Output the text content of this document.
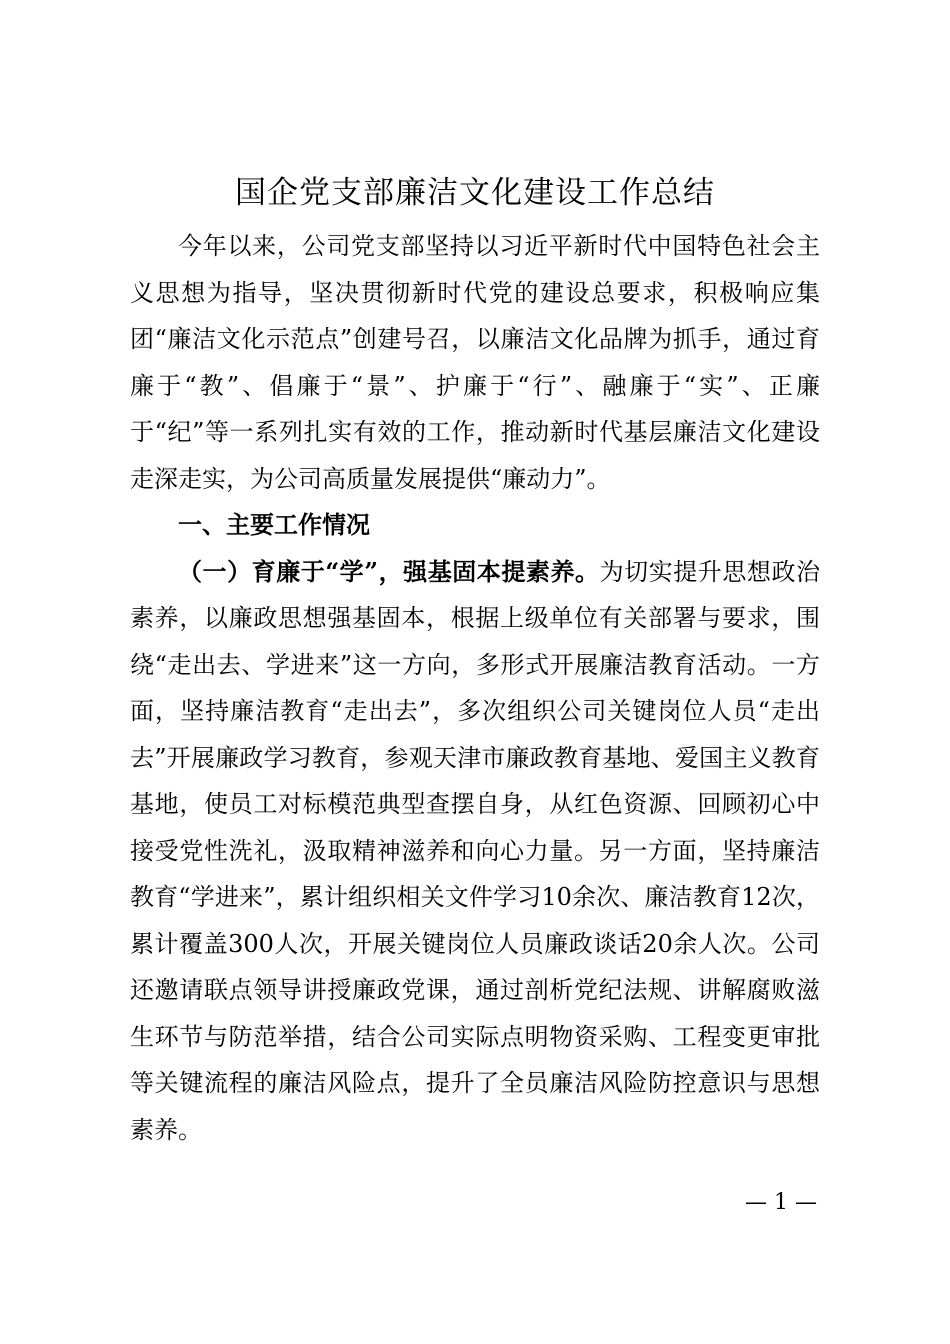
国企党支部廉洁文化建设工作总结

今年以来，公司党支部坚持以习近平新时代中国特色社会主义思想为指导，坚决贯彻新时代党的建设总要求，积极响应集团“廉洁文化示范点”创建号召，以廉洁文化品牌为抓手，通过育廉于“教”、倡廉于“景”、护廉于“行”、融廉于“实”、正廉于“纪”等一系列扎实有效的工作，推动新时代基层廉洁文化建设走深走实，为公司高质量发展提供“廉动力”。

一、主要工作情况

（一）育廉于“学”，强基固本提素养。为切实提升思想政治素养，以廉政思想强基固本，根据上级单位有关部署与要求，围绕“走出去、学进来”这一方向，多形式开展廉洁教育活动。一方面，坚持廉洁教育“走出去”，多次组织公司关键岗位人员“走出去”开展廉政学习教育，参观天津市廉政教育基地、爱国主义教育基地，使员工对标模范典型查摆自身，从红色资源、回顾初心中接受党性洗礼，汲取精神滋养和向心力量。另一方面，坚持廉洁教育“学进来”，累计组织相关文件学习10余次、廉洁教育12次，累计覆盖300人次，开展关键岗位人员廉政谈话20余人次。公司还邀请联点领导讲授廉政党课，通过剖析党纪法规、讲解腐败滋生环节与防范举措，结合公司实际点明物资采购、工程变更审批等关键流程的廉洁风险点，提升了全员廉洁风险防控意识与思想素养。

— 1 —
